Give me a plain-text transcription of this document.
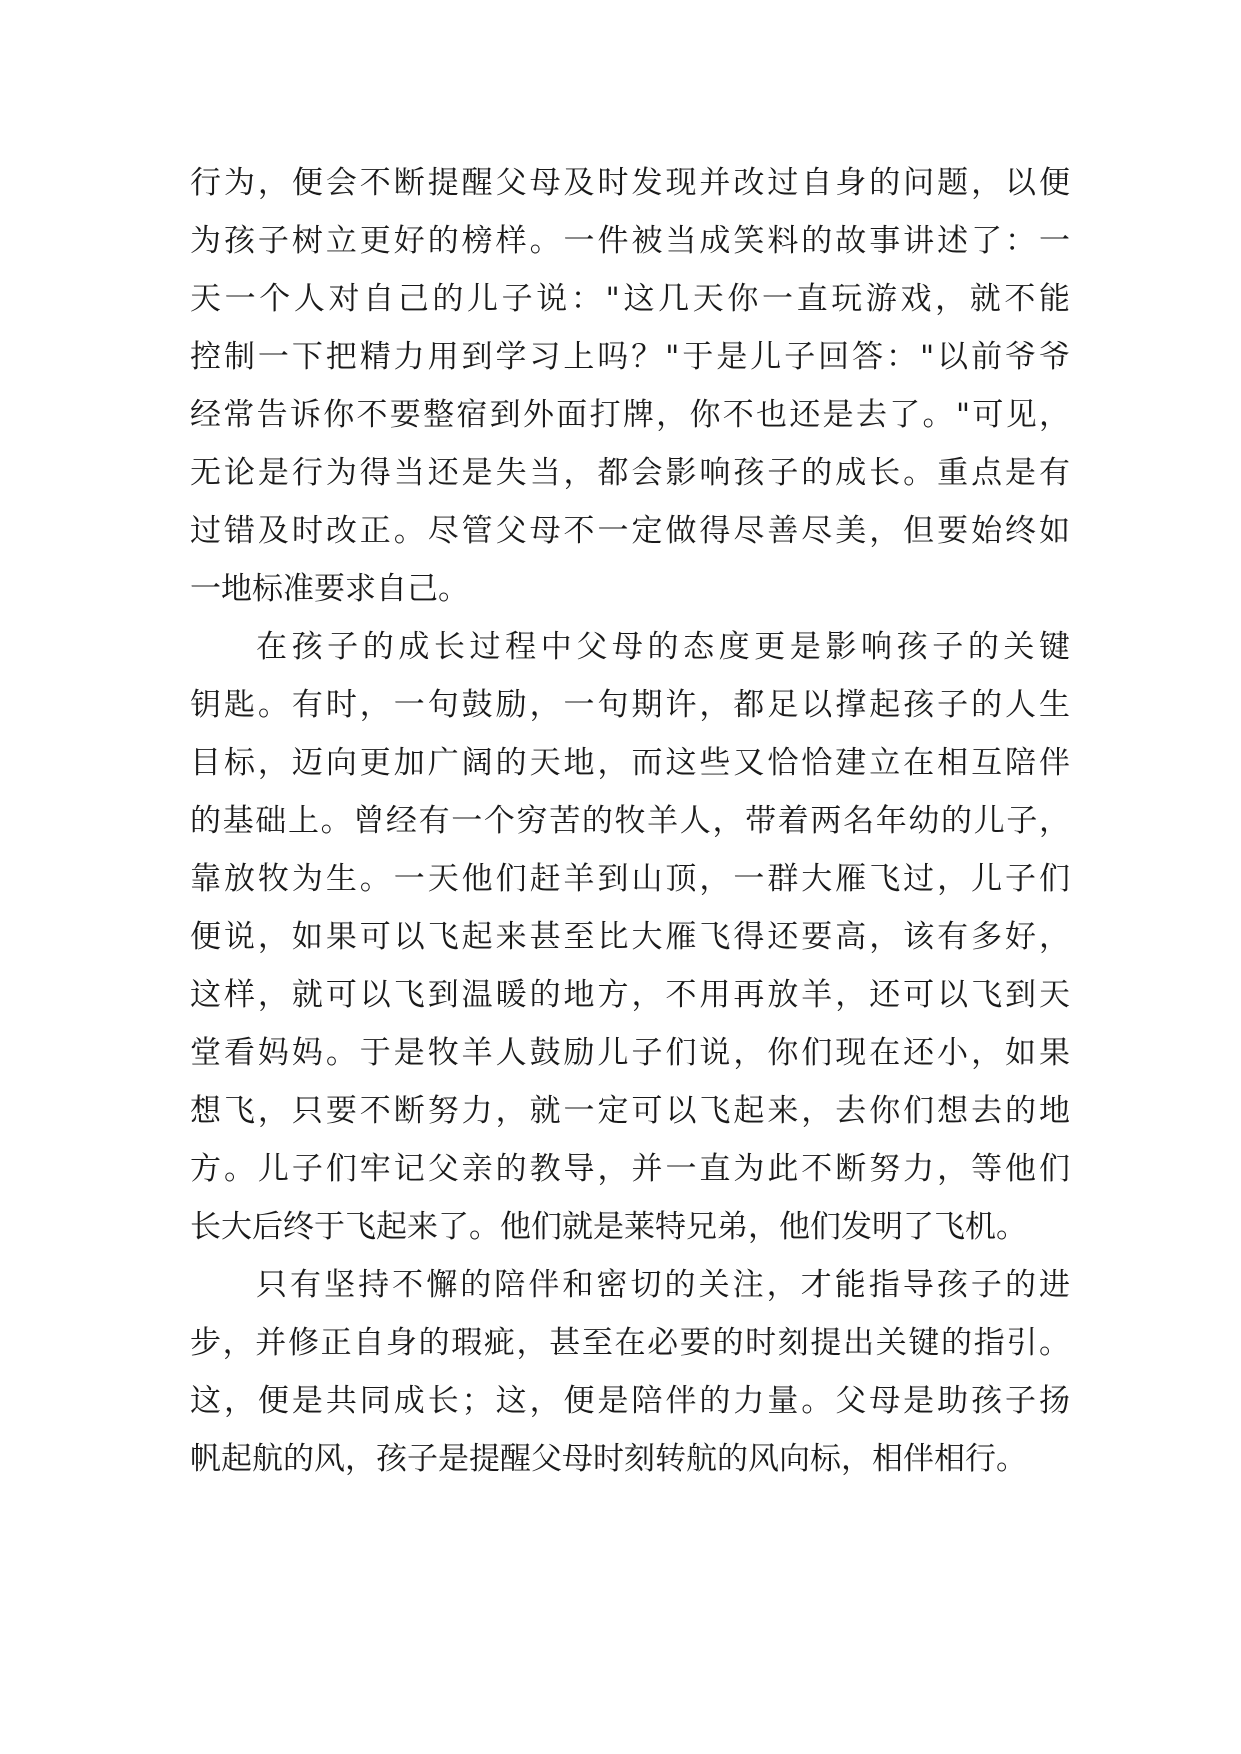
行为，便会不断提醒父母及时发现并改过自身的问题，以便
为孩子树立更好的榜样。一件被当成笑料的故事讲述了：一
天一个人对自己的儿子说："这几天你一直玩游戏，就不能
控制一下把精力用到学习上吗？"于是儿子回答："以前爷爷
经常告诉你不要整宿到外面打牌，你不也还是去了。"可见，
无论是行为得当还是失当，都会影响孩子的成长。重点是有
过错及时改正。尽管父母不一定做得尽善尽美，但要始终如
一地标准要求自己。
在孩子的成长过程中父母的态度更是影响孩子的关键
钥匙。有时，一句鼓励，一句期许，都足以撑起孩子的人生
目标，迈向更加广阔的天地，而这些又恰恰建立在相互陪伴
的基础上。曾经有一个穷苦的牧羊人，带着两名年幼的儿子，
靠放牧为生。一天他们赶羊到山顶，一群大雁飞过，儿子们
便说，如果可以飞起来甚至比大雁飞得还要高，该有多好，
这样，就可以飞到温暖的地方，不用再放羊，还可以飞到天
堂看妈妈。于是牧羊人鼓励儿子们说，你们现在还小，如果
想飞，只要不断努力，就一定可以飞起来，去你们想去的地
方。儿子们牢记父亲的教导，并一直为此不断努力，等他们
长大后终于飞起来了。他们就是莱特兄弟，他们发明了飞机。
只有坚持不懈的陪伴和密切的关注，才能指导孩子的进
步，并修正自身的瑕疵，甚至在必要的时刻提出关键的指引。
这，便是共同成长；这，便是陪伴的力量。父母是助孩子扬
帆起航的风，孩子是提醒父母时刻转航的风向标，相伴相行。
